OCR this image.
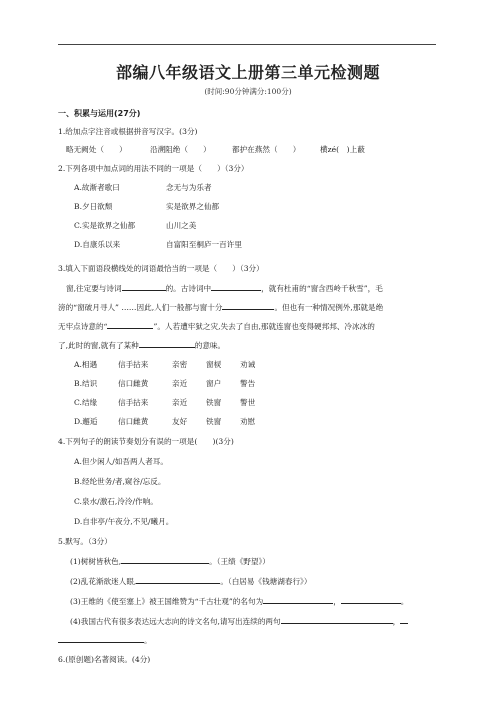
部编八年级语文上册第三单元检测题
(时间:90分钟满分:100分)
一、积累与运用(27分)
1.给加点字注音或根据拼音写汉字。(3分)
略无阙处（　　）	沿溯阻绝（　　）	都护在燕然（　　）	横zé(　)上蔽
2.下列各项中加点词的用法不同的一项是（　　）（3分）
A.故渐者歌曰	念无与为乐者
B.夕日欲颓	实是欲界之仙都
C.实是欲界之仙都	山川之美
D.自康乐以来	自富阳至桐庐一百许里
3.填入下面语段横线处的词语最恰当的一项是（　　）（3分）
窗,往定要与诗词	的。古诗词中	，就有杜甫的“窗含西岭千秋雪”，毛
滂的“窗破月寻人” ……因此,人们一般都与窗十分	。但也有一种情况例外,那就是绝
无牢点诗意的“	”。人若遭牢狱之灾,失去了自由,那就连窗也变得硬邦邦、冷冰冰的
了,此时的窗,就有了某种	的意味。
A.相遇	信手拈来	亲密 窗棂 劝诫
B.结识	信口雌黄	亲近 窗户 警告
C.结缘	信手拈来	亲近 铁窗 警世
D.邂逅	信口雌黄	友好 铁窗 劝慰
4.下列句子的朗读节奏划分有误的一项是(　　)(3分)
A.但少闲人/如吾两人者耳。
B.经纶世务/者,窥谷/忘反。
C.泉水/激石,泠泠/作响。
D.自非亭/午夜分,不见/曦月。
5.默写。（3分）
(1)树树皆秋色,	。（王绩《野望》）
(2)乱花渐欲迷人眼,	。（白居易《钱塘湖春行》）
(3)王维的《使至塞上》被王国维赞为“千古壮观”的名句为	，	。
(4)我国古代有很多表达远大志向的诗文名句,请写出连续的两句	，
。
6.(原创题)名著阅读。(4分)
